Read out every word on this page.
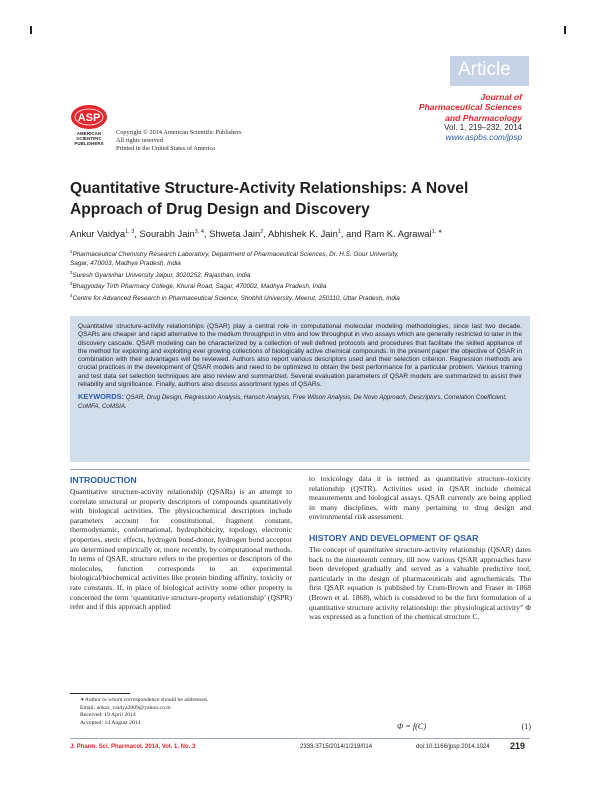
Article
ASP
AMERICAN
SCIENTIFIC
PUBLISHERS
Copyright © 2014 American Scientific Publishers
All rights reserved
Printed in the United States of America
Journal of
Pharmaceutical Sciences
and Pharmacology
Vol. 1, 219–232, 2014
www.aspbs.com/jpsp
Quantitative Structure-Activity Relationships: A Novel
Approach of Drug Design and Discovery
Ankur Vaidya$^{1, 3}$, Sourabh Jain$^{3, 4}$, Shweta Jain$^2$, Abhishek K. Jain$^1$, and Ram K. Agrawal$^{1, ∗}$
$^1$Pharmaceutical Chemistry Research Laboratory, Department of Pharmaceutical Sciences, Dr. H.S. Gour University,
Sagar, 470003, Madhya Pradesh, India
$^2$Suresh Gyanvihar University Jaipur, 3020252, Rajasthan, India
$^3$Bhagyoday Tirth Pharmacy College, Khurai Road, Sagar, 470002, Madhya Pradesh, India
$^4$Centre for Advanced Research in Pharmaceutical Science, Shobhit University, Meerut, 250110, Uttar Pradesh, India
Quantitative structure-activity relationships (QSAR) play a central role in computational molecular modeling methodologies, since last two decade. QSARs are cheaper and rapid alternative to the medium throughput in vitro and low throughput in vivo assays which are generally restricted to later in the discovery cascade. QSAR modeling can be characterized by a collection of well defined protocols and procedures that facilitate the skilled appliance of the method for exploring and exploiting ever growing collections of biologically active chemical compounds. In the present paper the objective of QSAR in combination with their advantages will be reviewed. Authors also report various descriptors used and their selection criterion. Regression methods are crucial practices in the development of QSAR models and need to be optimized to obtain the best performance for a particular problem. Various training and test data set selection techniques are also review and summarized. Several evaluation parameters of QSAR models are summarized to assist their reliability and significance. Finally, authors also discuss assortment types of QSARs.
KEYWORDS: QSAR, Drug Design, Regression Analysis, Hansch Analysis, Free Wilson Analysis, De Novo Approach, Descriptors, Correlation Coefficient, CoMFA, CoMSIA.
INTRODUCTION
Quantitative structure-activity relationship (QSARs) is an attempt to correlate structural or property descriptors of compounds quantitatively with biological activities. The physicochemical descriptors include parameters account for constitutional, fragment constant, thermodynamic, conformational, hydrophobicity, topology, electronic properties, steric effects, hydrogen bond-donor, hydrogen bond acceptor are determined empirically or, more recently, by computational methods. In terms of QSAR, structure refers to the properties or descriptors of the molecules, function corresponds to an experimental biological/biochemical activities like protein binding affinity, toxicity or rate constants. If, in place of biological activity some other property is concerned the term ‘quantitative structure-property relationship’ (QSPR) refer and if this approach applied
to toxicology data it is termed as quantitative structure–toxicity relationship (QSTR). Activities used in QSAR include chemical measurements and biological assays. QSAR currently are being applied in many disciplines, with many pertaining to drug design and environmental risk assessment.
HISTORY AND DEVELOPMENT OF QSAR
The concept of quantitative structure-activity relationship (QSAR) dates back to the nineteenth century, till now various QSAR approaches have been developed gradually and served as a valuable predictive tool, particularly in the design of pharmaceuticals and agrochemicals. The first QSAR equation is published by Crum-Brown and Fraser in 1868 (Brown et al. 1868), which is considered to be the first formulation of a quantitative structure activity relationship: the: physiological activity” Φ was expressed as a function of the chemical structure C.
Φ = f(C)	(1)
∗Author to whom correspondence should be addressed.
Email: ankur_vaidya2009@yahoo.co.in
Received: 19 April 2014
Accepted: 14 August 2014
J. Pharm. Sci. Pharmacol. 2014, Vol. 1, No. 3	2333-3715/2014/1/219/014	doi:10.1166/jpsp.2014.1024 219
